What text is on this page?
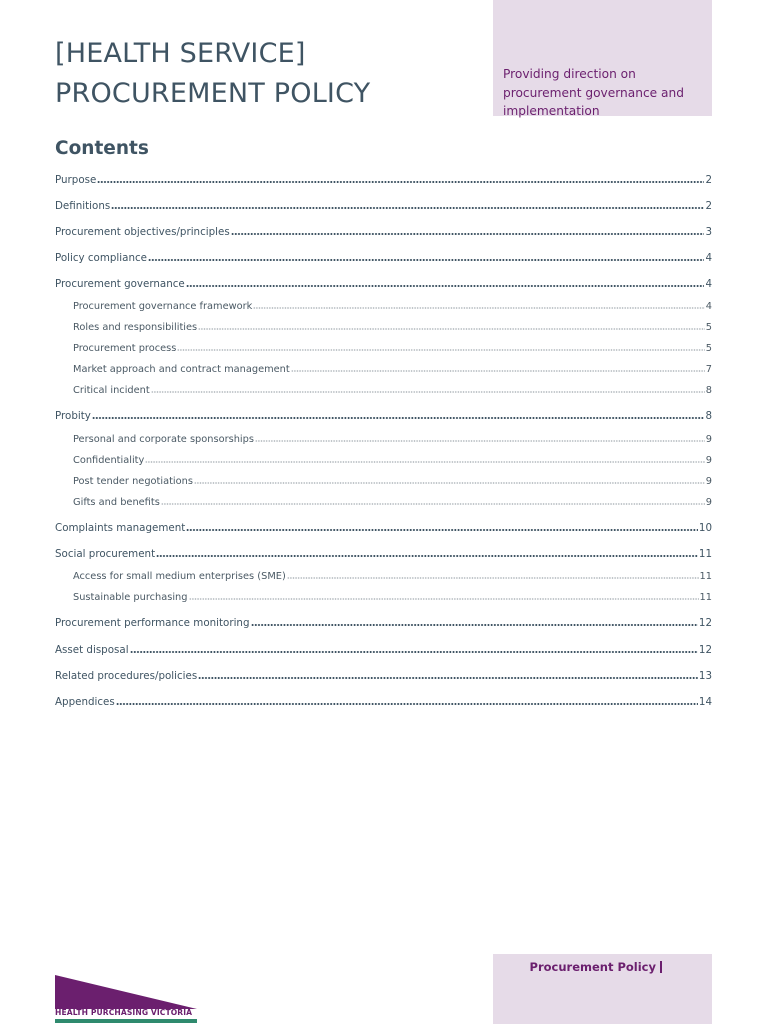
[HEALTH SERVICE]
PROCUREMENT POLICY
Providing direction on procurement governance and implementation
Contents
Purpose	2
Definitions	2
Procurement objectives/principles	3
Policy compliance	4
Procurement governance	4
Procurement governance framework	4
Roles and responsibilities	5
Procurement process	5
Market approach and contract management	7
Critical incident	8
Probity	8
Personal and corporate sponsorships	9
Confidentiality	9
Post tender negotiations	9
Gifts and benefits	9
Complaints management	10
Social procurement	11
Access for small medium enterprises (SME)	11
Sustainable purchasing	11
Procurement performance monitoring	12
Asset disposal	12
Related procedures/policies	13
Appendices	14
Procurement Policy
HEALTH PURCHASING VICTORIA
